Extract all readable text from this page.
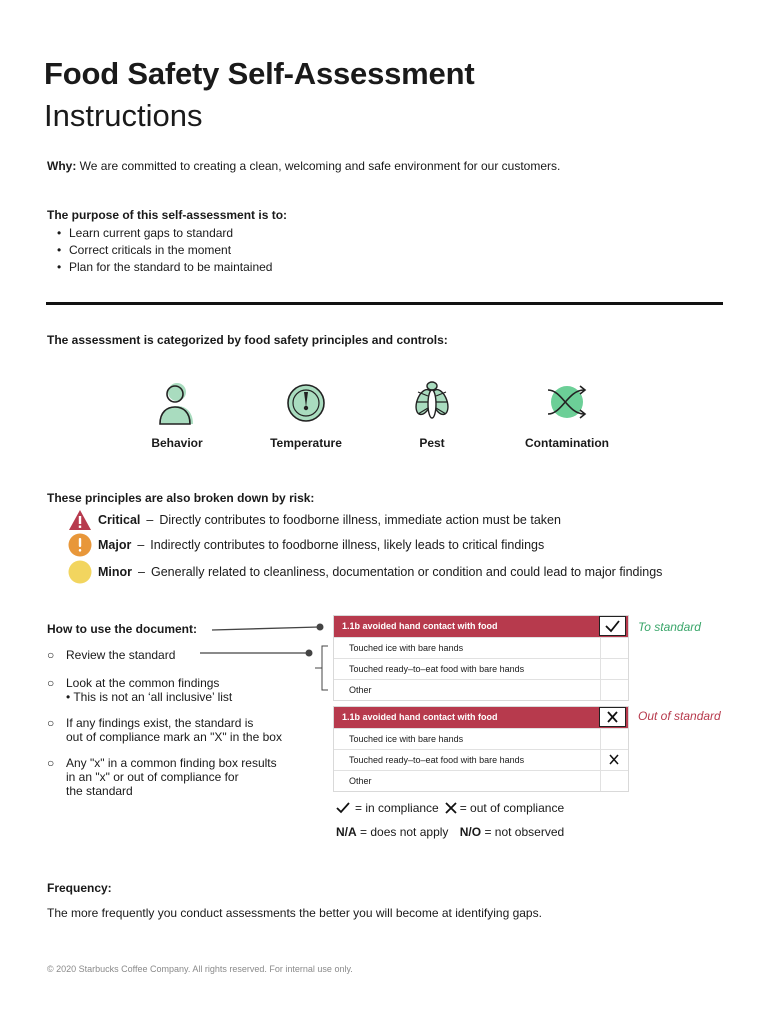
Food Safety Self-Assessment
Instructions
Why: We are committed to creating a clean, welcoming and safe environment for our customers.
The purpose of this self-assessment is to:
• Learn current gaps to standard
• Correct criticals in the moment
• Plan for the standard to be maintained
The assessment is categorized by food safety principles and controls:
Behavior	Temperature	Pest	Contamination
These principles are also broken down by risk:
Critical – Directly contributes to foodborne illness, immediate action must be taken
Major – Indirectly contributes to foodborne illness, likely leads to critical findings
Minor – Generally related to cleanliness, documentation or condition and could lead to major findings
How to use the document:
○ Review the standard
○ Look at the common findings
• This is not an ‘all inclusive’ list
○ If any findings exist, the standard is
out of compliance mark an "X" in the box
○ Any "x" in a common finding box results
in an "x" or out of compliance for
the standard
1.1b avoided hand contact with food
Touched ice with bare hands
Touched ready–to–eat food with bare hands
Other
To standard
1.1b avoided hand contact with food
Touched ice with bare hands
Touched ready–to–eat food with bare hands
Other
Out of standard
= in compliance = out of compliance
N/A = does not apply N/O = not observed
Frequency:
The more frequently you conduct assessments the better you will become at identifying gaps.
© 2020 Starbucks Coffee Company. All rights reserved. For internal use only.
